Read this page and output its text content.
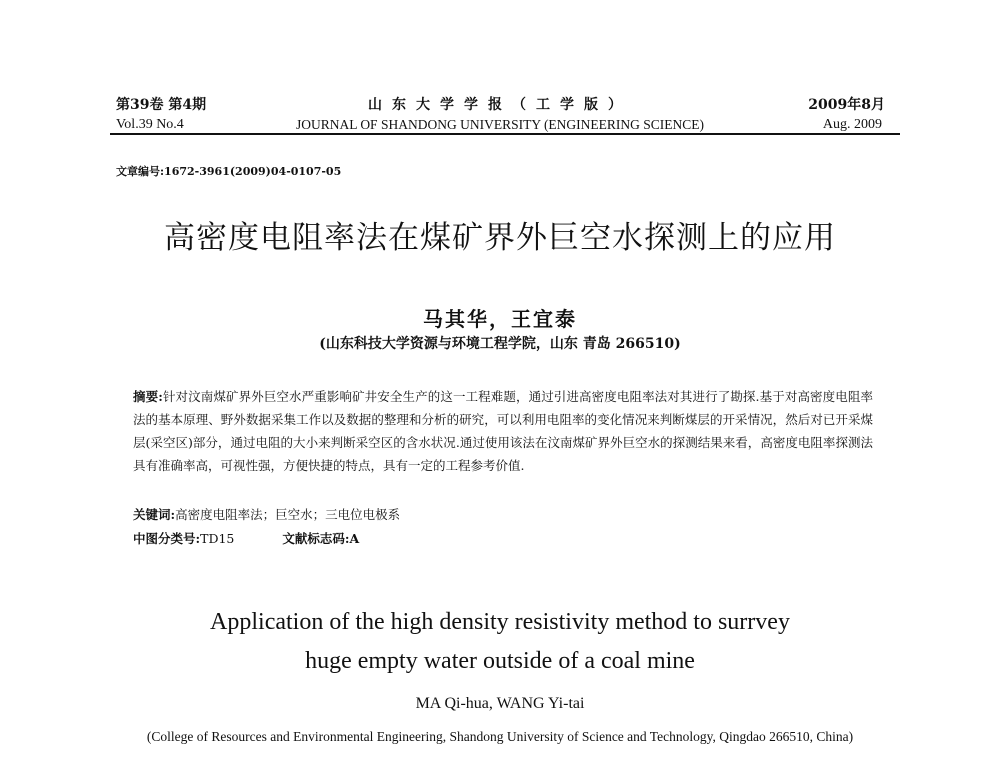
第39卷 第4期
Vol.39 No.4
山东大学学报（工学版）
JOURNAL OF SHANDONG UNIVERSITY (ENGINEERING SCIENCE)
2009年8月
Aug. 2009
文章编号:1672-3961(2009)04-0107-05
高密度电阻率法在煤矿界外巨空水探测上的应用
马其华，王宜泰
(山东科技大学资源与环境工程学院，山东 青岛 266510)
摘要:针对汶南煤矿界外巨空水严重影响矿井安全生产的这一工程难题，通过引进高密度电阻率法对其进行了勘探.基于对高密度电阻率法的基本原理、野外数据采集工作以及数据的整理和分析的研究，可以利用电阻率的变化情况来判断煤层的开采情况，然后对已开采煤层(采空区)部分，通过电阻的大小来判断采空区的含水状况.通过使用该法在汶南煤矿界外巨空水的探测结果来看，高密度电阻率探测法具有准确率高，可视性强，方便快捷的特点，具有一定的工程参考价值.
关键词:高密度电阻率法；巨空水；三电位电极系
中图分类号:TD15	文献标志码:A
Application of the high density resistivity method to surrvey
huge empty water outside of a coal mine
MA Qi-hua, WANG Yi-tai
(College of Resources and Environmental Engineering, Shandong University of Science and Technology, Qingdao 266510, China)
